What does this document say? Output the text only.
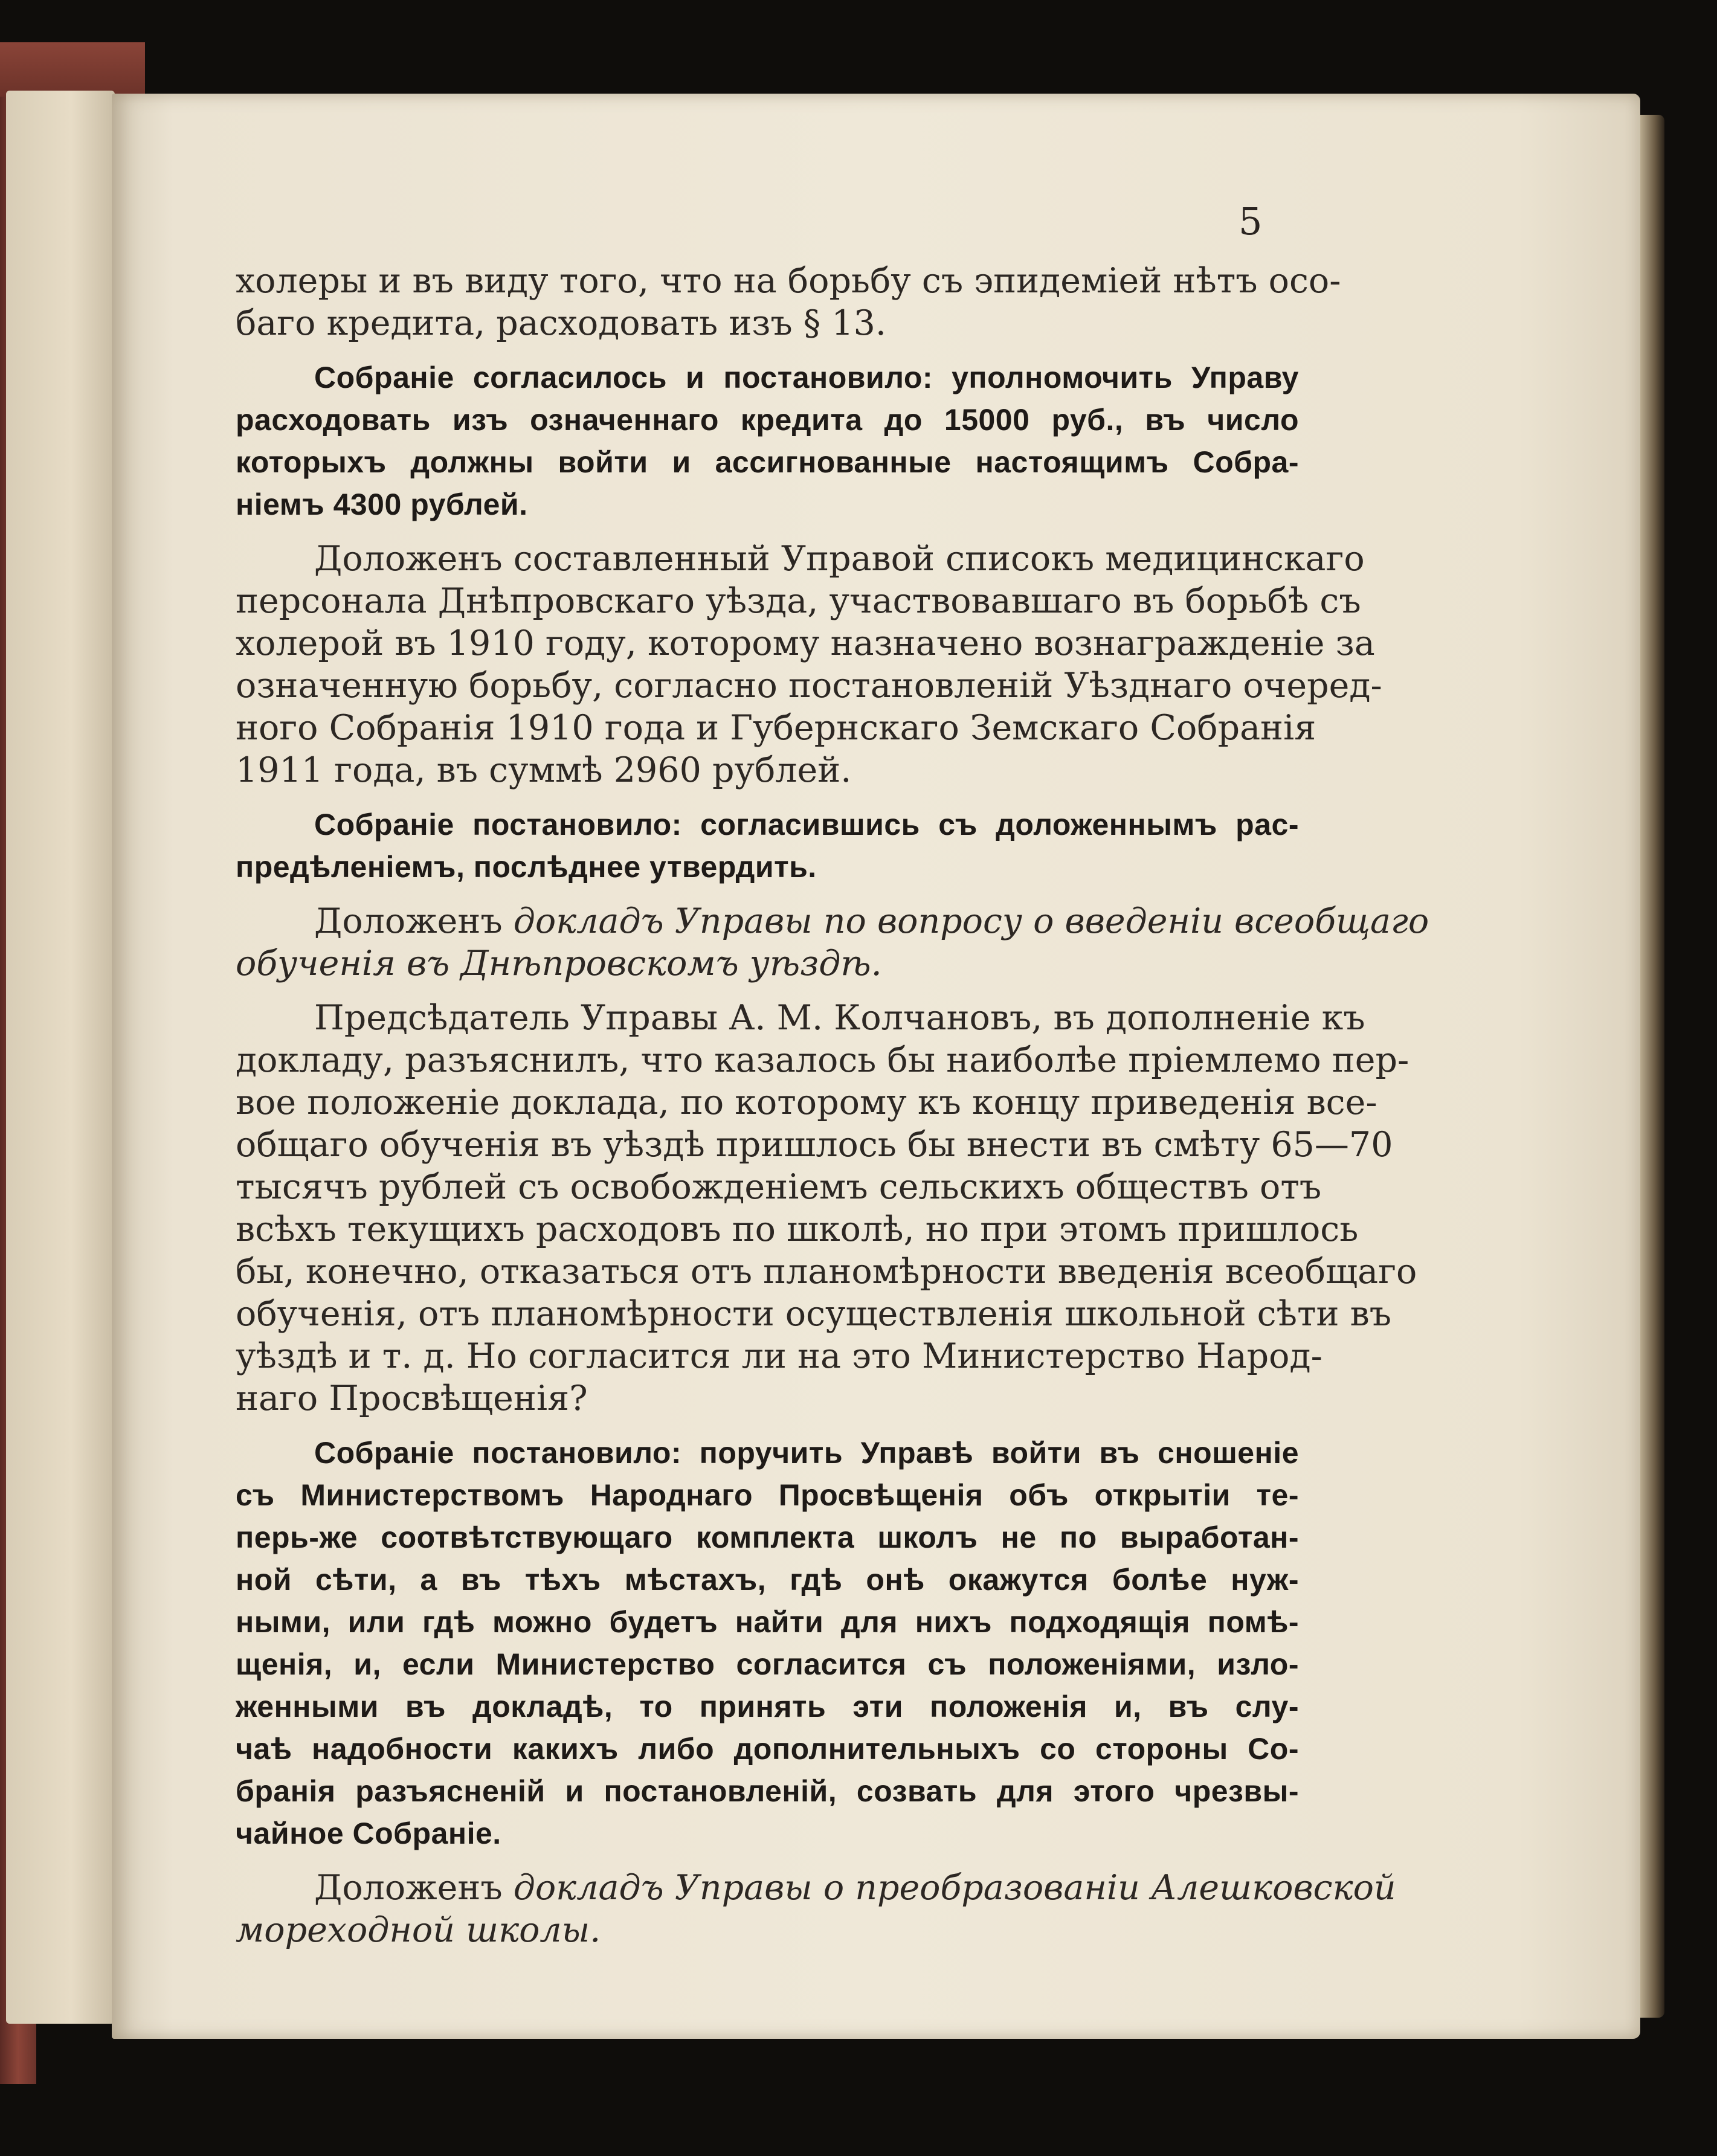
5
холеры и въ виду того, что на борьбу съ эпидеміей нѣтъ осо-
баго кредита, расходовать изъ § 13.
Собраніе согласилось и постановило: уполномочить Управу
расходовать изъ означеннаго кредита до 15000 руб., въ число
которыхъ должны войти и ассигнованные настоящимъ Собра-
ніемъ 4300 рублей.
Доложенъ составленный Управой списокъ медицинскаго
персонала Днѣпровскаго уѣзда, участвовавшаго въ борьбѣ съ
холерой въ 1910 году, которому назначено вознагражденіе за
означенную борьбу, согласно постановленій Уѣзднаго очеред-
ного Собранія 1910 года и Губернскаго Земскаго Собранія
1911 года, въ суммѣ 2960 рублей.
Собраніе постановило: согласившись съ доложеннымъ рас-
предѣленіемъ, послѣднее утвердить.
Доложенъ докладъ Управы по вопросу о введеніи всеобщаго
обученія въ Днѣпровскомъ уѣздѣ.
Предсѣдатель Управы А. М. Колчановъ, въ дополненіе къ
докладу, разъяснилъ, что казалось бы наиболѣе пріемлемо пер-
вое положеніе доклада, по которому къ концу приведенія все-
общаго обученія въ уѣздѣ пришлось бы внести въ смѣту 65—70
тысячъ рублей съ освобожденіемъ сельскихъ обществъ отъ
всѣхъ текущихъ расходовъ по школѣ, но при этомъ пришлось
бы, конечно, отказаться отъ планомѣрности введенія всеобщаго
обученія, отъ планомѣрности осуществленія школьной сѣти въ
уѣздѣ и т. д. Но согласится ли на это Министерство Народ-
наго Просвѣщенія?
Собраніе постановило: поручить Управѣ войти въ сношеніе
съ Министерствомъ Народнаго Просвѣщенія объ открытіи те-
перь-же соотвѣтствующаго комплекта школъ не по выработан-
ной сѣти, а въ тѣхъ мѣстахъ, гдѣ онѣ окажутся болѣе нуж-
ными, или гдѣ можно будетъ найти для нихъ подходящія помѣ-
щенія, и, если Министерство согласится съ положеніями, изло-
женными въ докладѣ, то принять эти положенія и, въ слу-
чаѣ надобности какихъ либо дополнительныхъ со стороны Со-
бранія разъясненій и постановленій, созвать для этого чрезвы-
чайное Собраніе.
Доложенъ докладъ Управы о преобразованіи Алешковской
мореходной школы.
